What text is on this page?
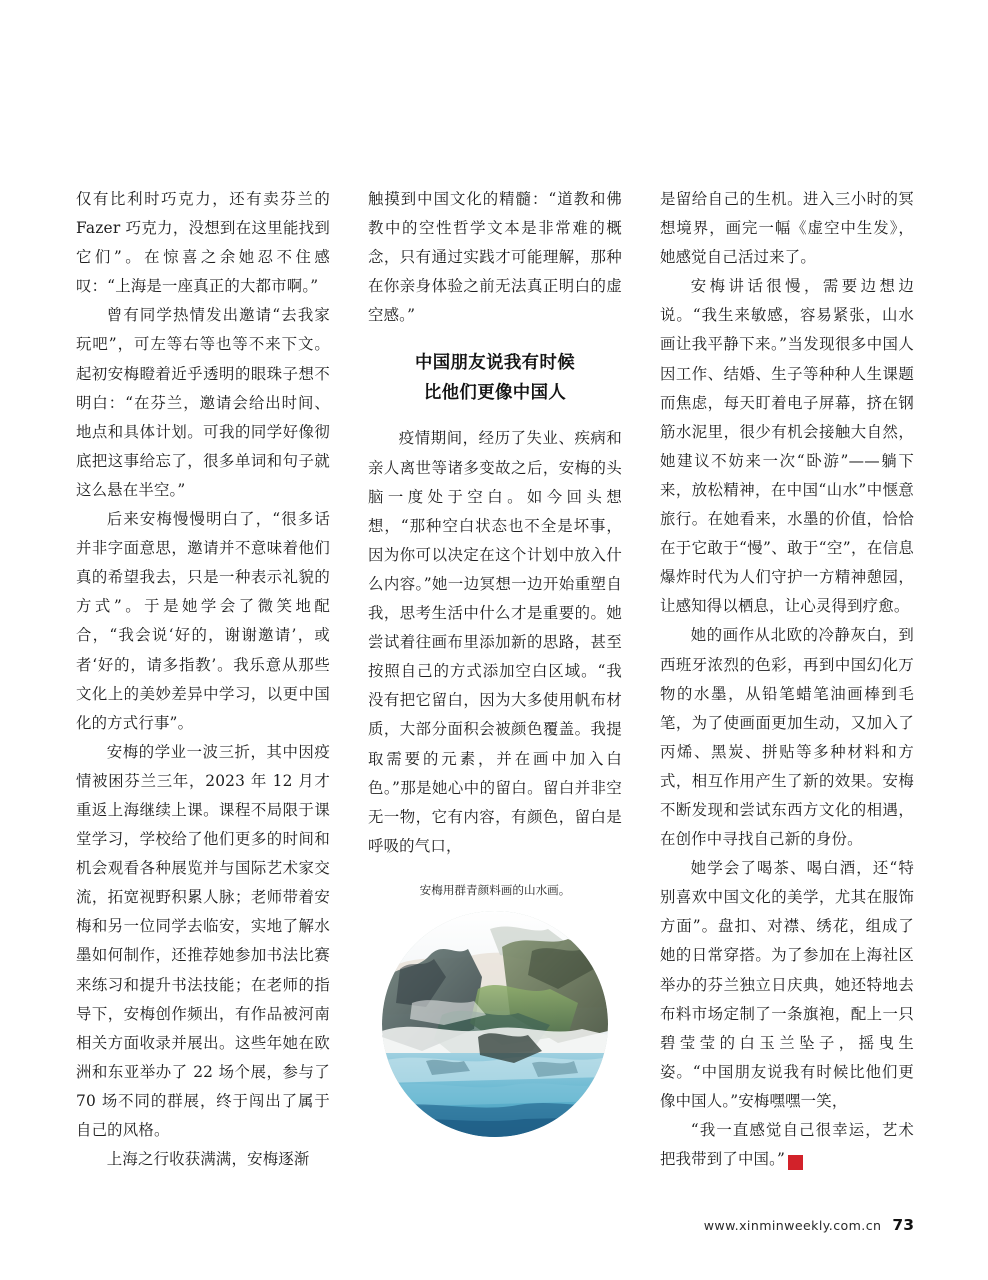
仅有比利时巧克力，还有卖芬兰的Fazer 巧克力，没想到在这里能找到它们”。在惊喜之余她忍不住感叹：“上海是一座真正的大都市啊。”

曾有同学热情发出邀请“去我家玩吧”，可左等右等也等不来下文。起初安梅瞪着近乎透明的眼珠子想不明白：“在芬兰，邀请会给出时间、地点和具体计划。可我的同学好像彻底把这事给忘了，很多单词和句子就这么悬在半空。”

后来安梅慢慢明白了，“很多话并非字面意思，邀请并不意味着他们真的希望我去，只是一种表示礼貌的方式”。于是她学会了微笑地配合，“我会说‘好的，谢谢邀请’，或者‘好的，请多指教’。我乐意从那些文化上的美妙差异中学习，以更中国化的方式行事”。

安梅的学业一波三折，其中因疫情被困芬兰三年，2023 年 12 月才重返上海继续上课。课程不局限于课堂学习，学校给了他们更多的时间和机会观看各种展览并与国际艺术家交流，拓宽视野积累人脉；老师带着安梅和另一位同学去临安，实地了解水墨如何制作，还推荐她参加书法比赛来练习和提升书法技能；在老师的指导下，安梅创作频出，有作品被河南相关方面收录并展出。这些年她在欧洲和东亚举办了 22 场个展，参与了 70 场不同的群展，终于闯出了属于自己的风格。

上海之行收获满满，安梅逐渐

触摸到中国文化的精髓：“道教和佛教中的空性哲学文本是非常难的概念，只有通过实践才可能理解，那种在你亲身体验之前无法真正明白的虚空感。”

中国朋友说我有时候
比他们更像中国人

疫情期间，经历了失业、疾病和亲人离世等诸多变故之后，安梅的头脑一度处于空白。如今回头想想，“那种空白状态也不全是坏事，因为你可以决定在这个计划中放入什么内容。”她一边冥想一边开始重塑自我，思考生活中什么才是重要的。她尝试着往画布里添加新的思路，甚至按照自己的方式添加空白区域。“我没有把它留白，因为大多使用帆布材质，大部分面积会被颜色覆盖。我提取需要的元素，并在画中加入白色。”那是她心中的留白。留白并非空无一物，它有内容，有颜色，留白是呼吸的气口，

安梅用群青颜料画的山水画。

是留给自己的生机。进入三小时的冥想境界，画完一幅《虚空中生发》，她感觉自己活过来了。

安梅讲话很慢，需要边想边说。“我生来敏感，容易紧张，山水画让我平静下来。”当发现很多中国人因工作、结婚、生子等种种人生课题而焦虑，每天盯着电子屏幕，挤在钢筋水泥里，很少有机会接触大自然，她建议不妨来一次“卧游”——躺下来，放松精神，在中国“山水”中惬意旅行。在她看来，水墨的价值，恰恰在于它敢于“慢”、敢于“空”，在信息爆炸时代为人们守护一方精神憩园，让感知得以栖息，让心灵得到疗愈。

她的画作从北欧的冷静灰白，到西班牙浓烈的色彩，再到中国幻化万物的水墨，从铅笔蜡笔油画棒到毛笔，为了使画面更加生动，又加入了丙烯、黑炭、拼贴等多种材料和方式，相互作用产生了新的效果。安梅不断发现和尝试东西方文化的相遇，在创作中寻找自己新的身份。

她学会了喝茶、喝白酒，还“特别喜欢中国文化的美学，尤其在服饰方面”。盘扣、对襟、绣花，组成了她的日常穿搭。为了参加在上海社区举办的芬兰独立日庆典，她还特地去布料市场定制了一条旗袍，配上一只碧莹莹的白玉兰坠子，摇曳生姿。“中国朋友说我有时候比他们更像中国人。”安梅嘿嘿一笑，

“我一直感觉自己很幸运，艺术把我带到了中国。”	R

www.xinminweekly.com.cn 73
